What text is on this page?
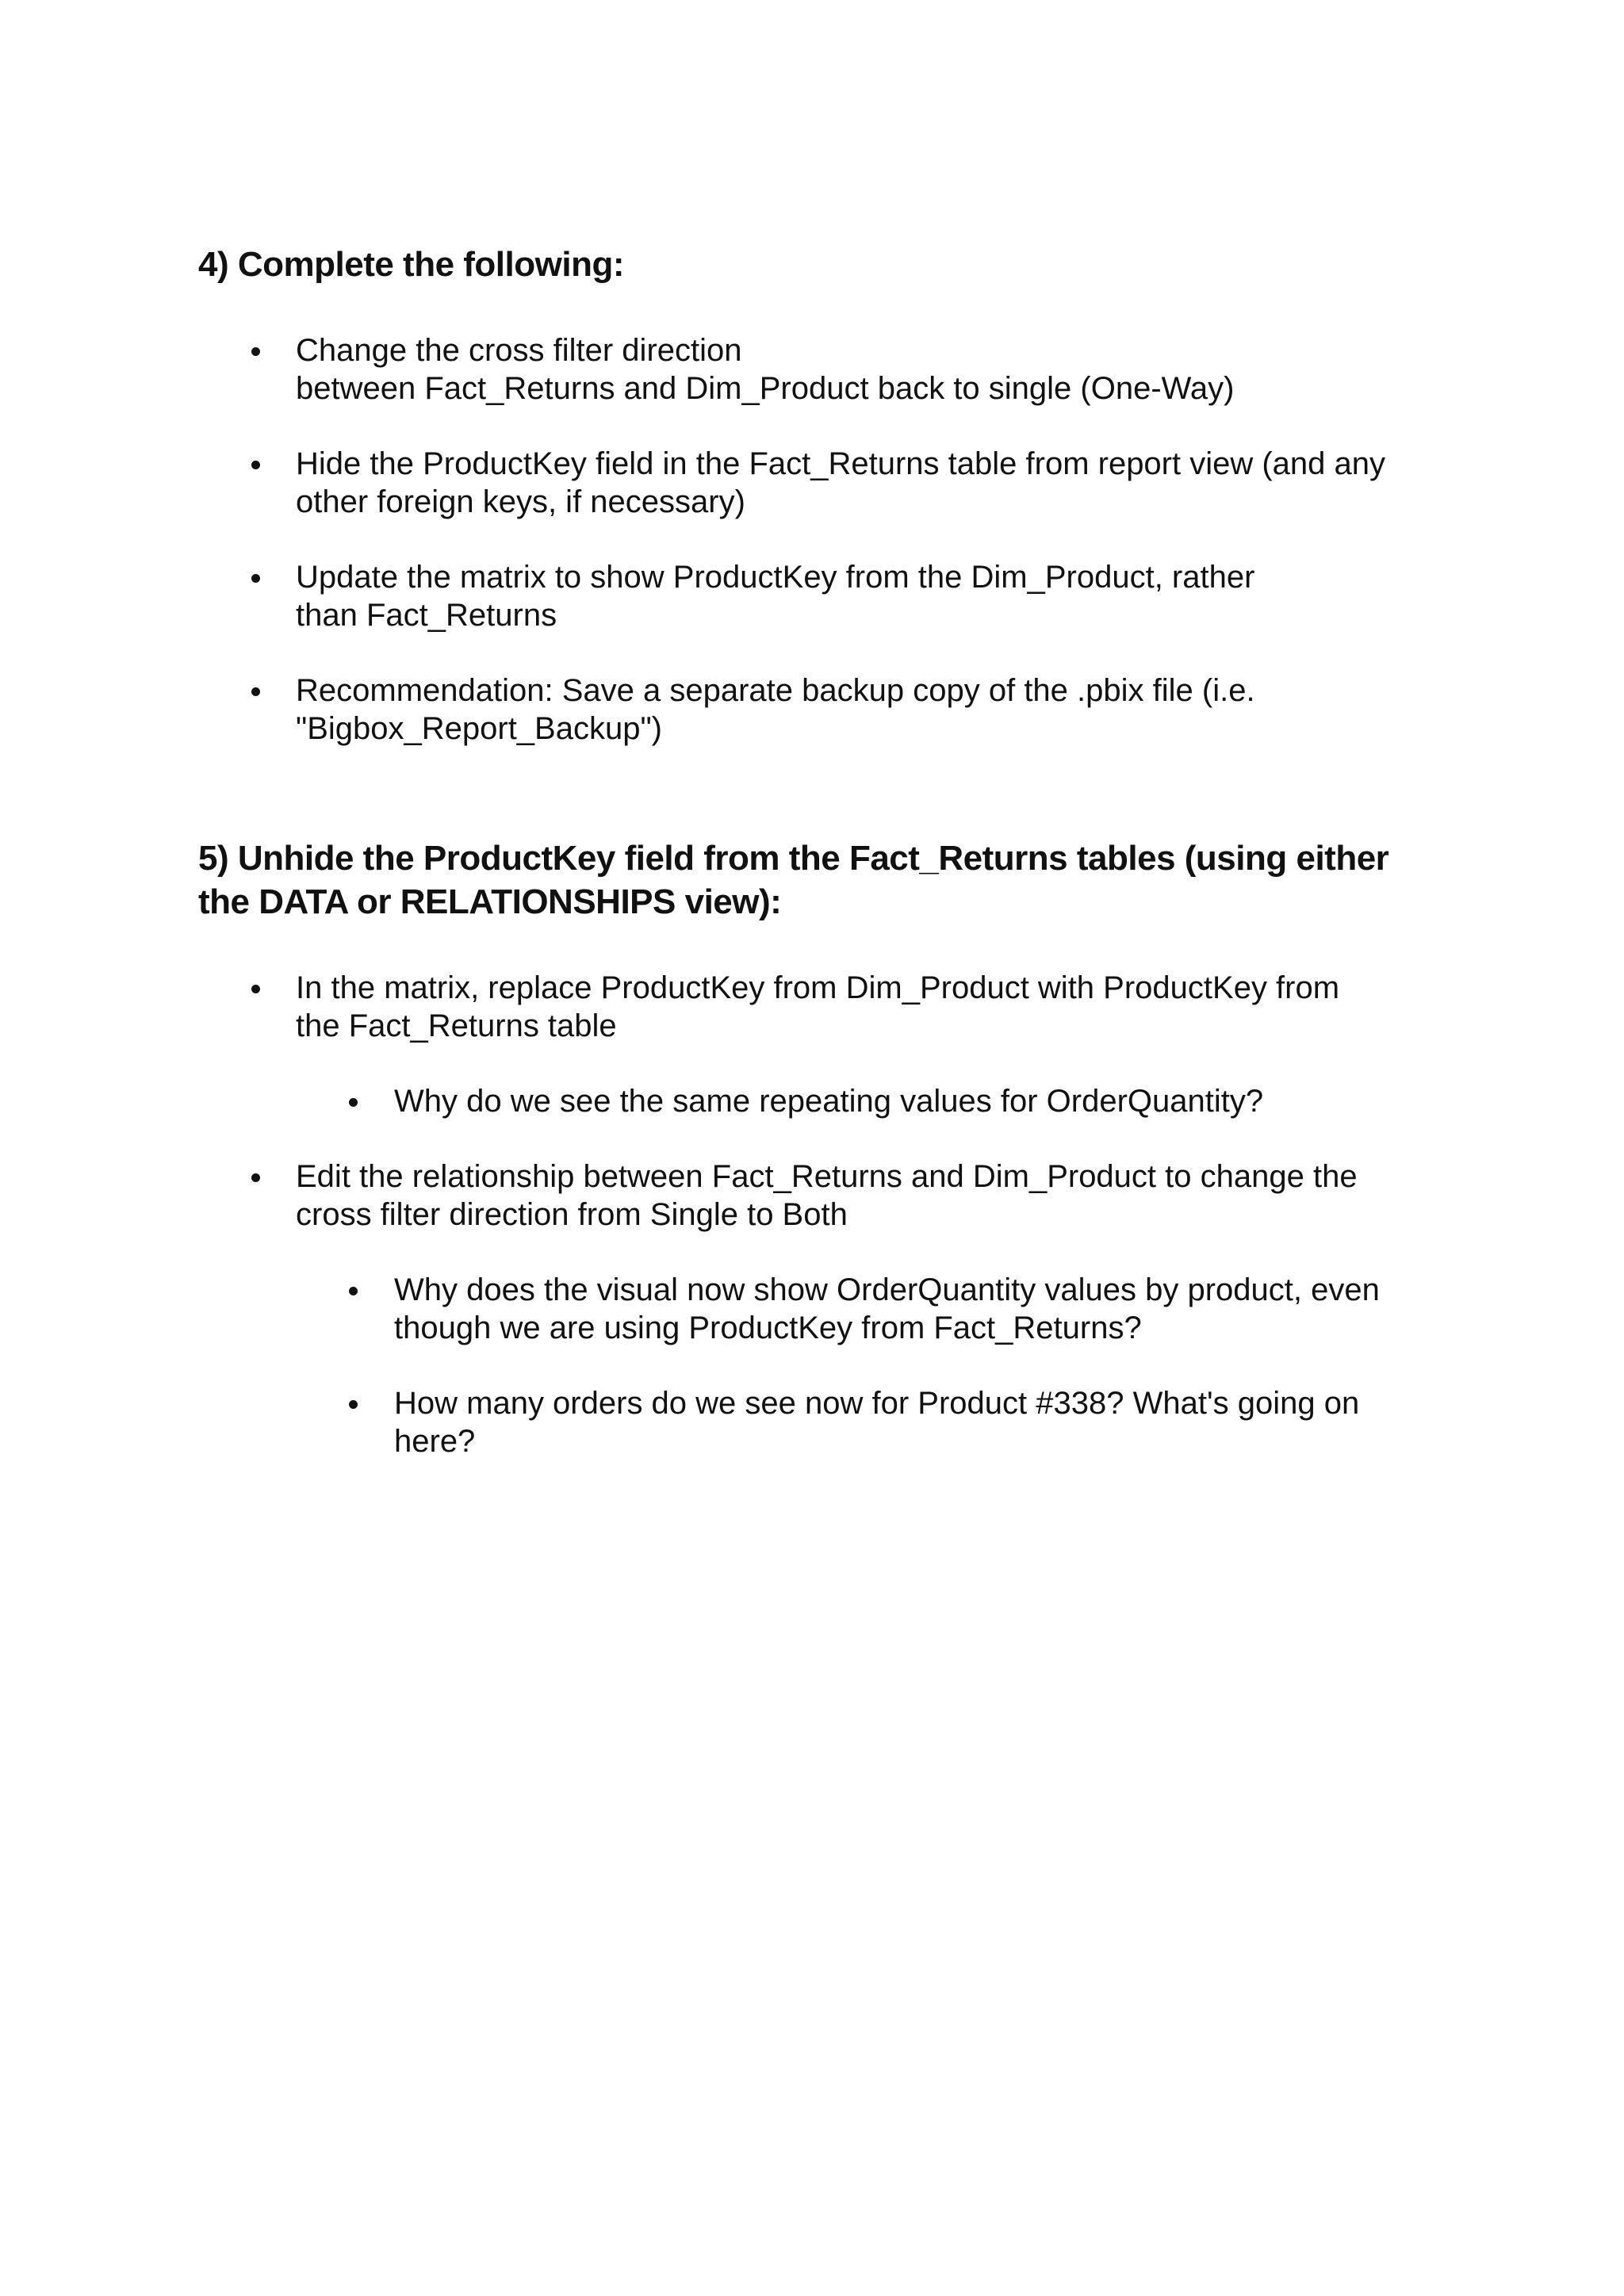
4) Complete the following:
Change the cross filter direction
between Fact_Returns and Dim_Product back to single (One-Way)
Hide the ProductKey field in the Fact_Returns table from report view (and any
other foreign keys, if necessary)
Update the matrix to show ProductKey from the Dim_Product, rather
than Fact_Returns
Recommendation: Save a separate backup copy of the .pbix file (i.e.
"Bigbox_Report_Backup")
5) Unhide the ProductKey field from the Fact_Returns tables (using either
the DATA or RELATIONSHIPS view):
In the matrix, replace ProductKey from Dim_Product with ProductKey from
the Fact_Returns table
Why do we see the same repeating values for OrderQuantity?
Edit the relationship between Fact_Returns and Dim_Product to change the
cross filter direction from Single to Both
Why does the visual now show OrderQuantity values by product, even
though we are using ProductKey from Fact_Returns?
How many orders do we see now for Product #338? What's going on
here?
